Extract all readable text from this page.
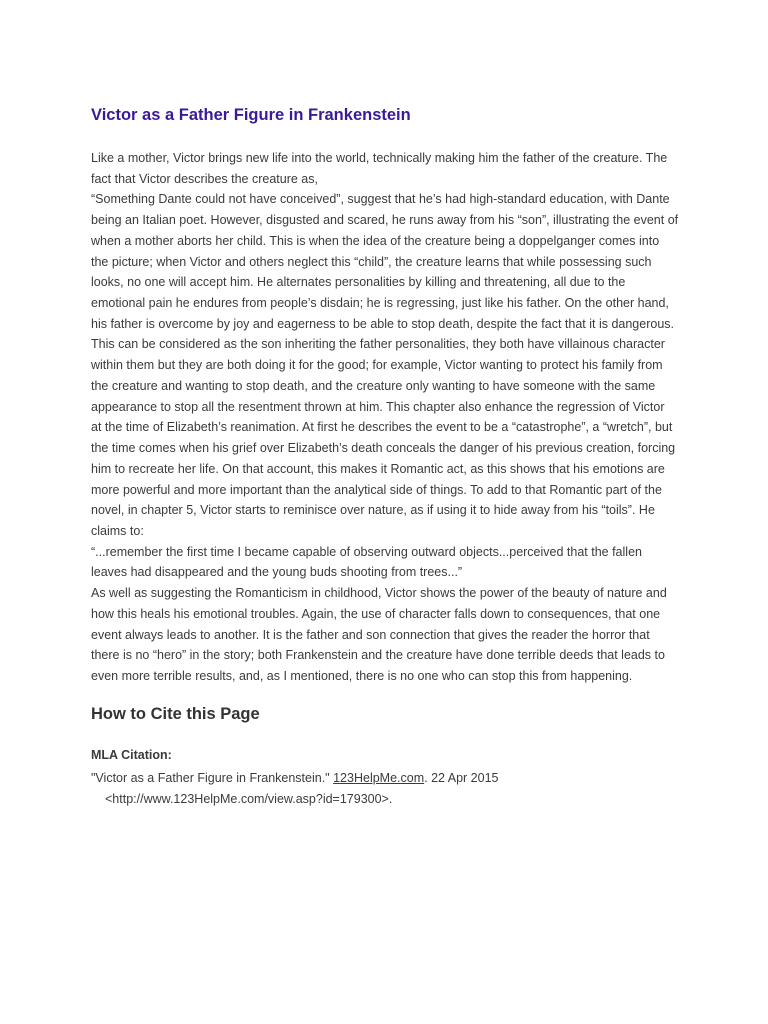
Victor as a Father Figure in Frankenstein
Like a mother, Victor brings new life into the world, technically making him the father of the creature. The
fact that Victor describes the creature as,
“Something Dante could not have conceived”, suggest that he’s had high-standard education, with Dante
being an Italian poet. However, disgusted and scared, he runs away from his “son”, illustrating the event of
when a mother aborts her child. This is when the idea of the creature being a doppelganger comes into
the picture; when Victor and others neglect this “child”, the creature learns that while possessing such
looks, no one will accept him. He alternates personalities by killing and threatening, all due to the
emotional pain he endures from people’s disdain; he is regressing, just like his father. On the other hand,
his father is overcome by joy and eagerness to be able to stop death, despite the fact that it is dangerous.
This can be considered as the son inheriting the father personalities, they both have villainous character
within them but they are both doing it for the good; for example, Victor wanting to protect his family from
the creature and wanting to stop death, and the creature only wanting to have someone with the same
appearance to stop all the resentment thrown at him. This chapter also enhance the regression of Victor
at the time of Elizabeth’s reanimation. At first he describes the event to be a “catastrophe”, a “wretch”, but
the time comes when his grief over Elizabeth’s death conceals the danger of his previous creation, forcing
him to recreate her life. On that account, this makes it Romantic act, as this shows that his emotions are
more powerful and more important than the analytical side of things. To add to that Romantic part of the
novel, in chapter 5, Victor starts to reminisce over nature, as if using it to hide away from his “toils”. He
claims to:
“...remember the first time I became capable of observing outward objects...perceived that the fallen
leaves had disappeared and the young buds shooting from trees...”
As well as suggesting the Romanticism in childhood, Victor shows the power of the beauty of nature and
how this heals his emotional troubles. Again, the use of character falls down to consequences, that one
event always leads to another. It is the father and son connection that gives the reader the horror that
there is no “hero” in the story; both Frankenstein and the creature have done terrible deeds that leads to
even more terrible results, and, as I mentioned, there is no one who can stop this from happening.
How to Cite this Page
MLA Citation:
"Victor as a Father Figure in Frankenstein." 123HelpMe.com. 22 Apr 2015
<http://www.123HelpMe.com/view.asp?id=179300>.
